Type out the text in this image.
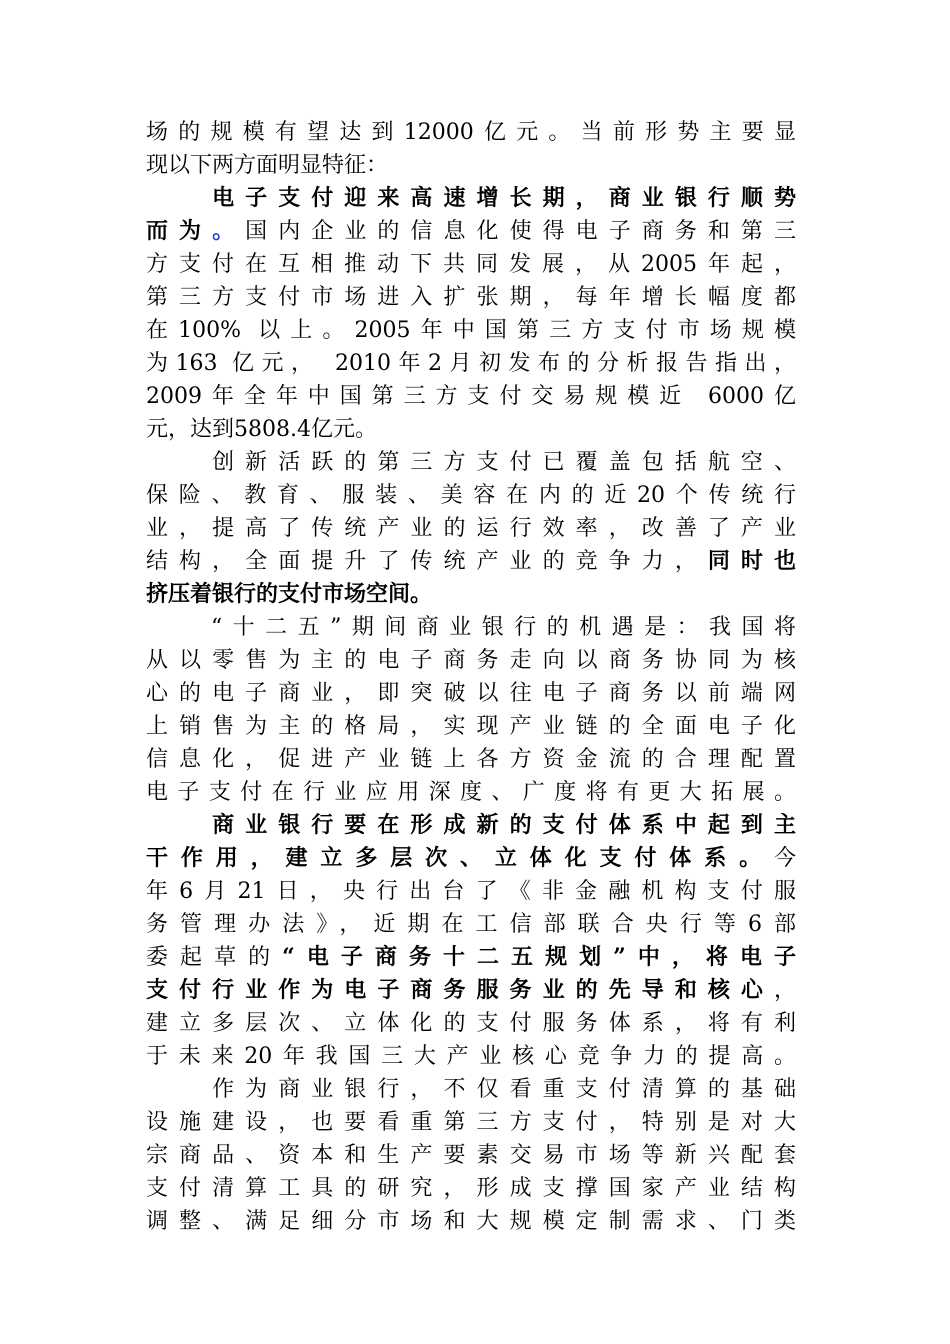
场的规模有望达到12000亿元。当前形势主要显
现以下两方面明显特征：
　　电子支付迎来高速增长期，商业银行顺势
而为。国内企业的信息化使得电子商务和第三
方支付在互相推动下共同发展，从2005年起，
第三方支付市场进入扩张期，每年增长幅度都
在100% 以上。2005年中国第三方支付市场规模
为163 亿元， 2010年2月初发布的分析报告指出，
2009年全年中国第三方支付交易规模近 6000亿
元，达到5808.4亿元。
　　创新活跃的第三方支付已覆盖包括航空、
保险、教育、服装、美容在内的近20个传统行
业，提高了传统产业的运行效率，改善了产业
结构，全面提升了传统产业的竞争力，同时也
挤压着银行的支付市场空间。
　　“十二五”期间商业银行的机遇是：我国将
从以零售为主的电子商务走向以商务协同为核
心的电子商业，即突破以往电子商务以前端网
上销售为主的格局，实现产业链的全面电子化
信息化，促进产业链上各方资金流的合理配置
电子支付在行业应用深度、广度将有更大拓展。
　　商业银行要在形成新的支付体系中起到主
干作用，建立多层次、立体化支付体系。今
年6月21日，央行出台了《非金融机构支付服
务管理办法》，近期在工信部联合央行等6部
委起草的“电子商务十二五规划”中，将电子
支付行业作为电子商务服务业的先导和核心，
建立多层次、立体化的支付服务体系，将有利
于未来20年我国三大产业核心竞争力的提高。
　　作为商业银行，不仅看重支付清算的基础
设施建设，也要看重第三方支付，特别是对大
宗商品、资本和生产要素交易市场等新兴配套
支付清算工具的研究，形成支撑国家产业结构
调整、满足细分市场和大规模定制需求、门类
